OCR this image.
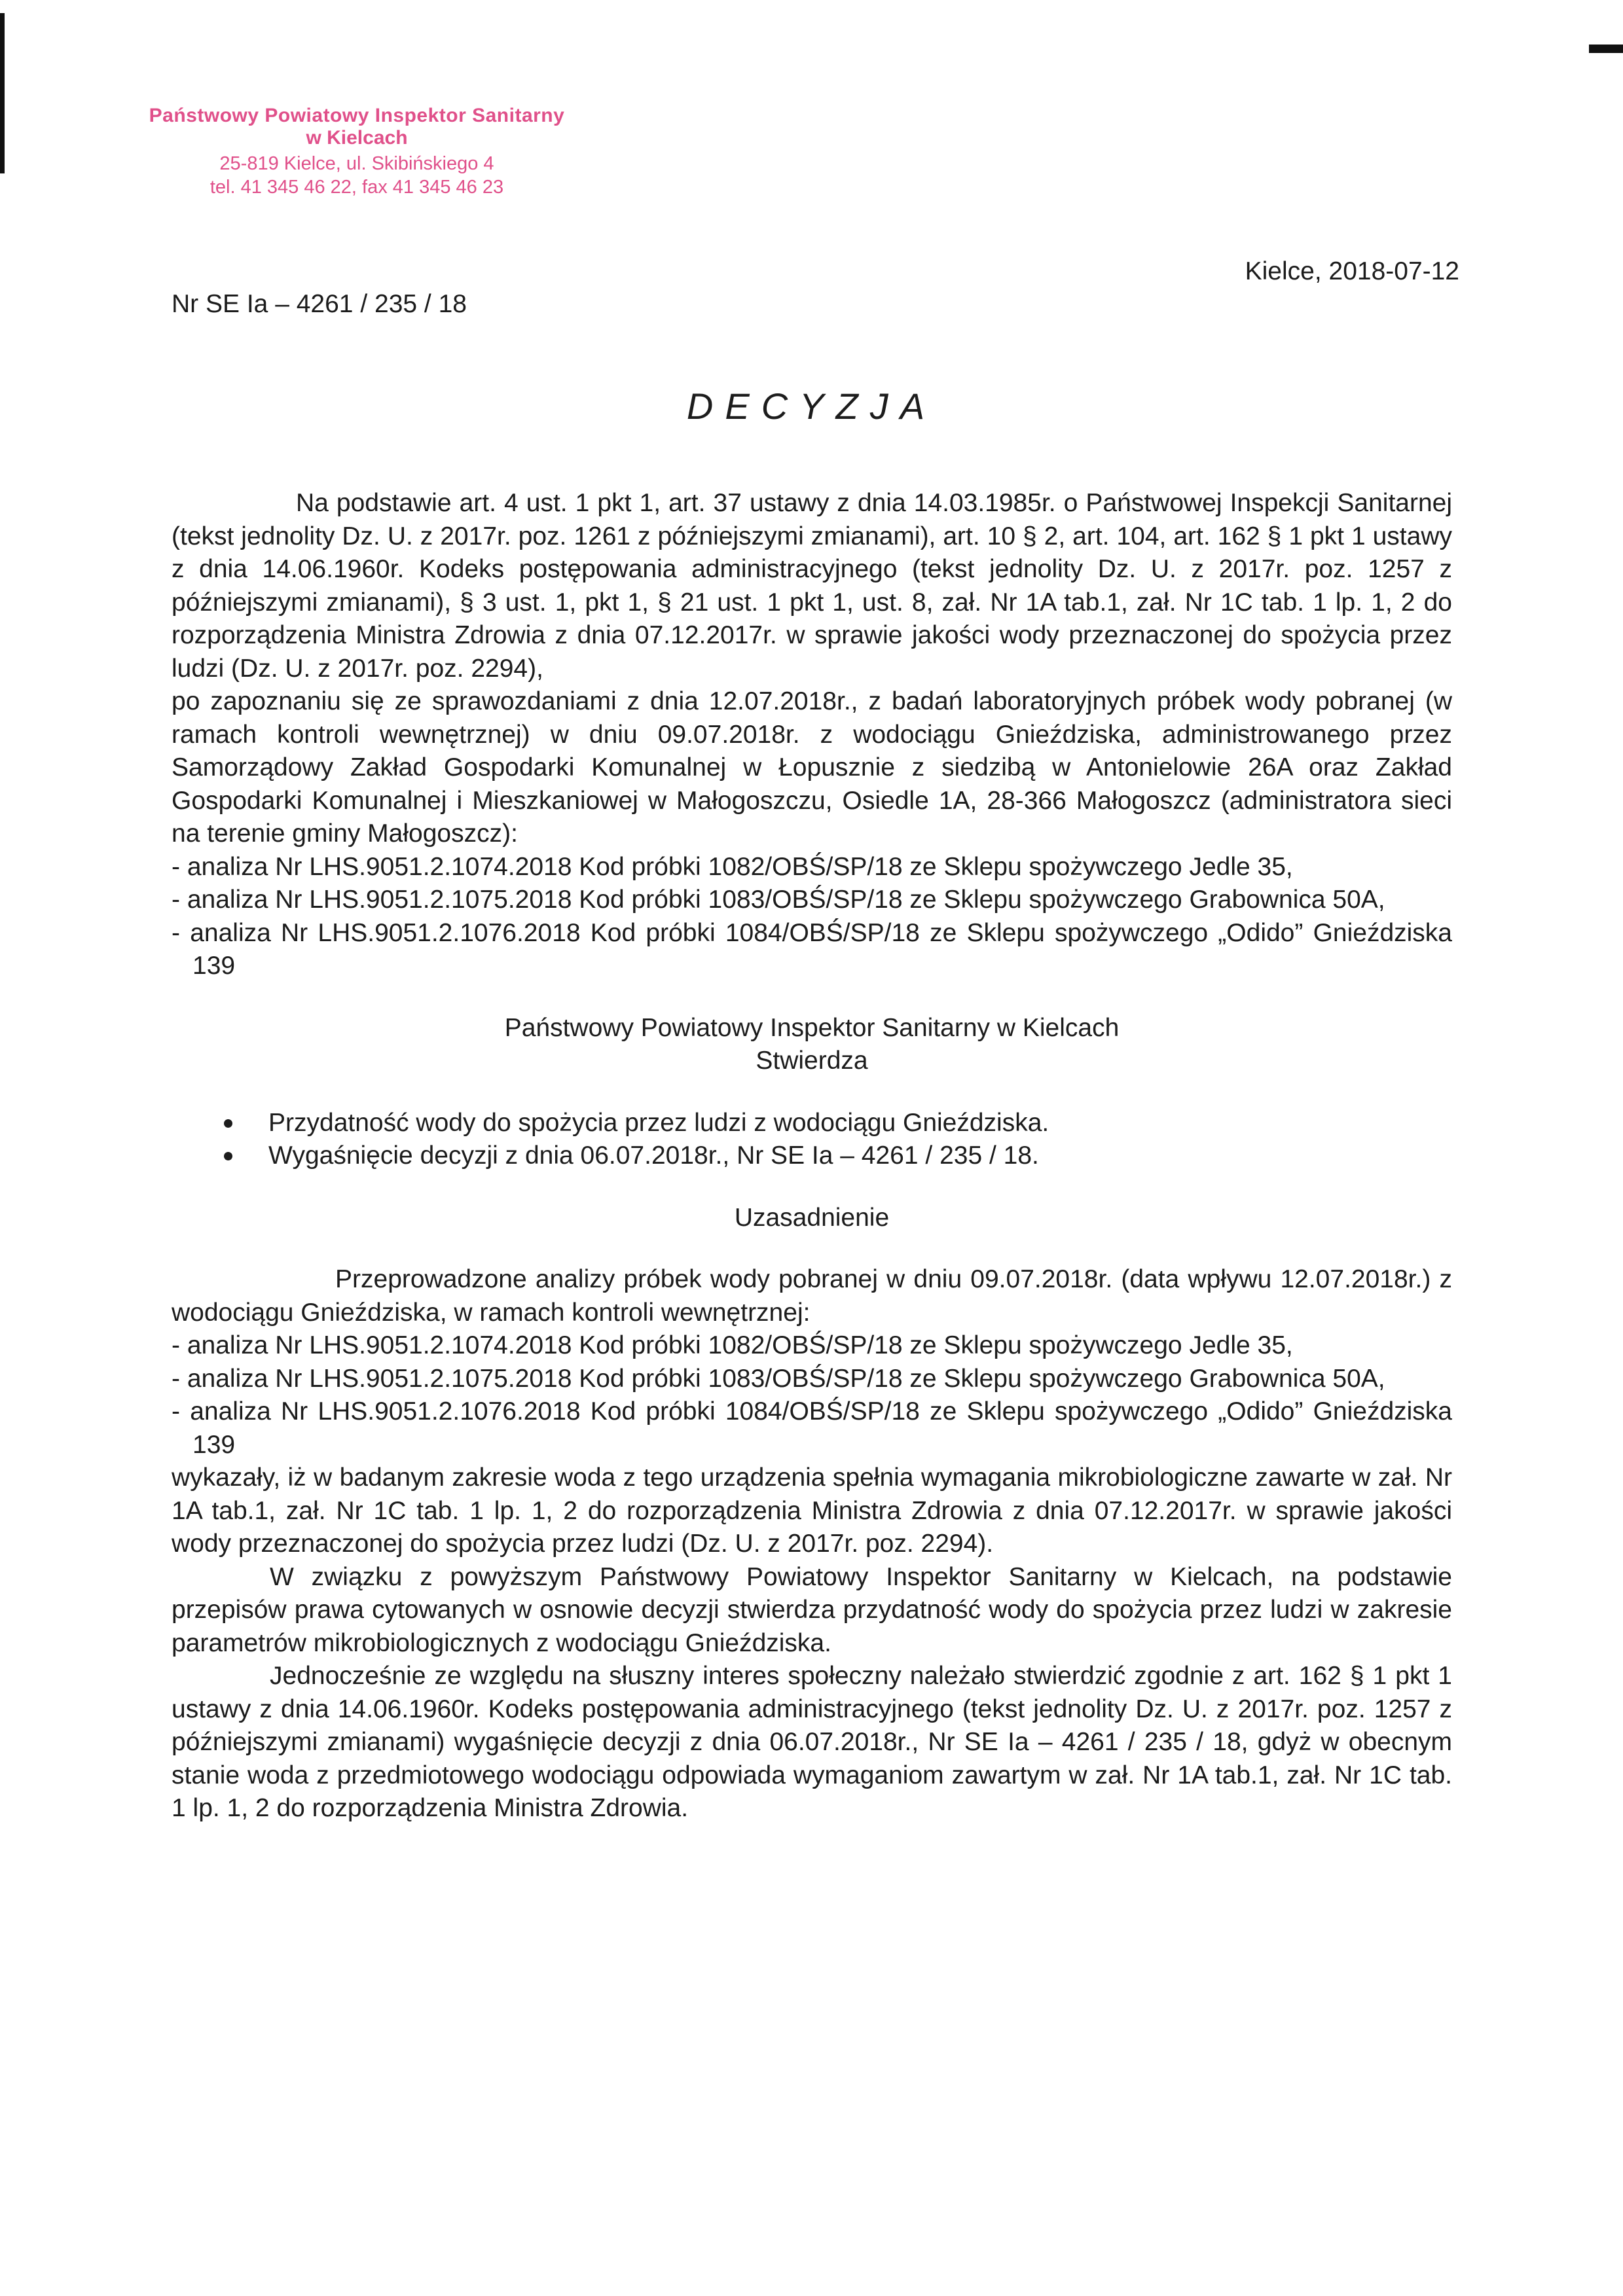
Państwowy Powiatowy Inspektor Sanitarny
w Kielcach
25-819 Kielce, ul. Skibińskiego 4
tel. 41 345 46 22, fax 41 345 46 23
Kielce, 2018-07-12
Nr SE Ia – 4261 / 235 / 18
DECYZJA

Na podstawie art. 4 ust. 1 pkt 1, art. 37 ustawy z dnia 14.03.1985r. o Państwowej Inspekcji Sanitarnej (tekst jednolity Dz. U. z 2017r. poz. 1261 z późniejszymi zmianami), art. 10 § 2, art. 104, art. 162 § 1 pkt 1 ustawy z dnia 14.06.1960r. Kodeks postępowania administracyjnego (tekst jednolity Dz. U. z 2017r. poz. 1257 z późniejszymi zmianami), § 3 ust. 1, pkt 1, § 21 ust. 1 pkt 1, ust. 8, zał. Nr 1A tab.1, zał. Nr 1C tab. 1 lp. 1, 2 do rozporządzenia Ministra Zdrowia z dnia 07.12.2017r. w sprawie jakości wody przeznaczonej do spożycia przez ludzi (Dz. U. z 2017r. poz. 2294),

po zapoznaniu się ze sprawozdaniami z dnia 12.07.2018r., z badań laboratoryjnych próbek wody pobranej (w ramach kontroli wewnętrznej) w dniu 09.07.2018r. z wodociągu Gnieździska, administrowanego przez Samorządowy Zakład Gospodarki Komunalnej w Łopusznie z siedzibą w Antonielowie 26A oraz Zakład Gospodarki Komunalnej i Mieszkaniowej w Małogoszczu, Osiedle 1A, 28-366 Małogoszcz (administratora sieci na terenie gminy Małogoszcz):

- analiza Nr LHS.9051.2.1074.2018 Kod próbki 1082/OBŚ/SP/18 ze Sklepu spożywczego Jedle 35,

- analiza Nr LHS.9051.2.1075.2018 Kod próbki 1083/OBŚ/SP/18 ze Sklepu spożywczego Grabownica 50A,

- analiza Nr LHS.9051.2.1076.2018 Kod próbki 1084/OBŚ/SP/18 ze Sklepu spożywczego „Odido” Gnieździska 139

Państwowy Powiatowy Inspektor Sanitarny w Kielcach

Stwierdza

Przydatność wody do spożycia przez ludzi z wodociągu Gnieździska.
Wygaśnięcie decyzji z dnia 06.07.2018r., Nr SE Ia – 4261 / 235 / 18.

Uzasadnienie

Przeprowadzone analizy próbek wody pobranej w dniu 09.07.2018r. (data wpływu 12.07.2018r.) z wodociągu Gnieździska, w ramach kontroli wewnętrznej:

- analiza Nr LHS.9051.2.1074.2018 Kod próbki 1082/OBŚ/SP/18 ze Sklepu spożywczego Jedle 35,

- analiza Nr LHS.9051.2.1075.2018 Kod próbki 1083/OBŚ/SP/18 ze Sklepu spożywczego Grabownica 50A,

- analiza Nr LHS.9051.2.1076.2018 Kod próbki 1084/OBŚ/SP/18 ze Sklepu spożywczego „Odido” Gnieździska 139

wykazały, iż w badanym zakresie woda z tego urządzenia spełnia wymagania mikrobiologiczne zawarte w zał. Nr 1A tab.1, zał. Nr 1C tab. 1 lp. 1, 2 do rozporządzenia Ministra Zdrowia z dnia 07.12.2017r. w sprawie jakości wody przeznaczonej do spożycia przez ludzi (Dz. U. z 2017r. poz. 2294).

W związku z powyższym Państwowy Powiatowy Inspektor Sanitarny w Kielcach, na podstawie przepisów prawa cytowanych w osnowie decyzji stwierdza przydatność wody do spożycia przez ludzi w zakresie parametrów mikrobiologicznych z wodociągu Gnieździska.

Jednocześnie ze względu na słuszny interes społeczny należało stwierdzić zgodnie z art. 162 § 1 pkt 1 ustawy z dnia 14.06.1960r. Kodeks postępowania administracyjnego (tekst jednolity Dz. U. z 2017r. poz. 1257 z późniejszymi zmianami) wygaśnięcie decyzji z dnia 06.07.2018r., Nr SE Ia – 4261 / 235 / 18, gdyż w obecnym stanie woda z przedmiotowego wodociągu odpowiada wymaganiom zawartym w zał. Nr 1A tab.1, zał. Nr 1C tab. 1 lp. 1, 2 do rozporządzenia Ministra Zdrowia.
